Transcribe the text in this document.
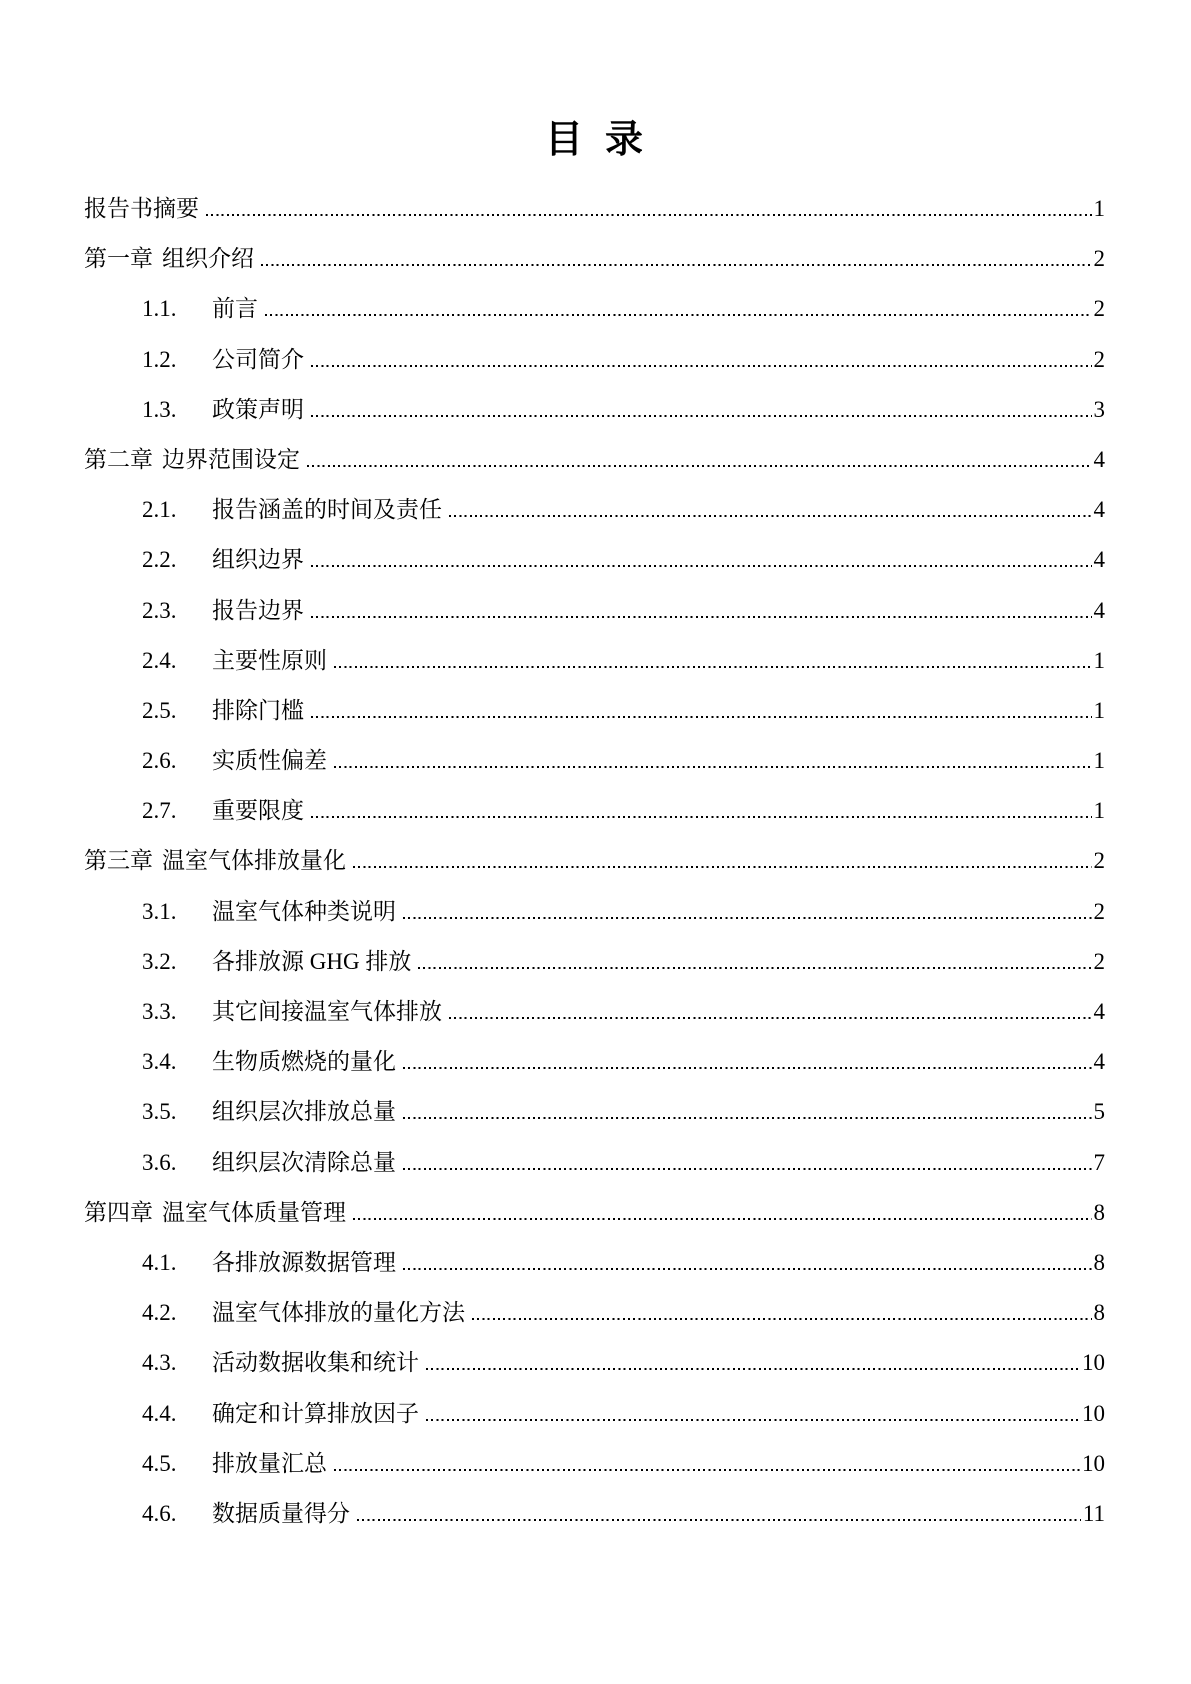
目  录
报告书摘要	1
第一章 组织介绍	2
1.1.	前言	2
1.2.	公司简介	2
1.3.	政策声明	3
第二章 边界范围设定	4
2.1.	报告涵盖的时间及责任	4
2.2.	组织边界	4
2.3.	报告边界	4
2.4.	主要性原则	1
2.5.	排除门槛	1
2.6.	实质性偏差	1
2.7.	重要限度	1
第三章 温室气体排放量化	2
3.1.	温室气体种类说明	2
3.2.	各排放源 GHG 排放	2
3.3.	其它间接温室气体排放	4
3.4.	生物质燃烧的量化	4
3.5.	组织层次排放总量	5
3.6.	组织层次清除总量	7
第四章 温室气体质量管理	8
4.1.	各排放源数据管理	8
4.2.	温室气体排放的量化方法	8
4.3.	活动数据收集和统计	10
4.4.	确定和计算排放因子	10
4.5.	排放量汇总	10
4.6.	数据质量得分	11
